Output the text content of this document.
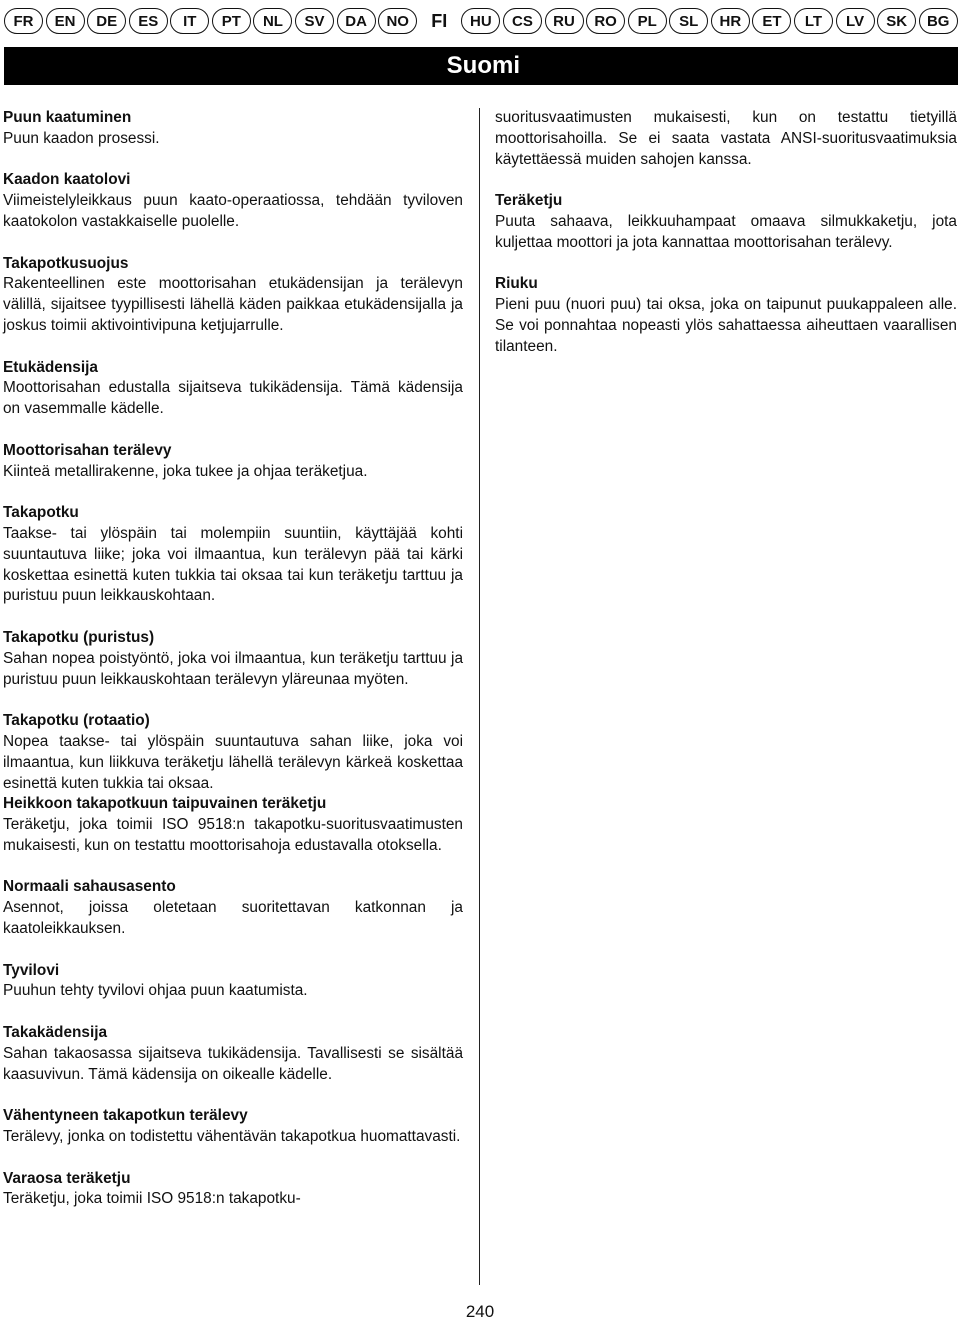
FR	EN	DE	ES	IT	PT	NL	SV	DA	NO	FI	HU	CS	RU	RO	PL	SL	HR	ET	LT	LV	SK	BG
Suomi
Puun kaatuminen
Puun kaadon prosessi.
Kaadon kaatolovi
Viimeistelyleikkaus puun kaato-operaatiossa, tehdään tyviloven kaatokolon vastakkaiselle puolelle.
Takapotkusuojus
Rakenteellinen este moottorisahan etukädensijan ja terälevyn välillä, sijaitsee tyypillisesti lähellä käden paikkaa etukädensijalla ja joskus toimii aktivointivipuna ketjujarrulle.
Etukädensija
Moottorisahan edustalla sijaitseva tukikädensija. Tämä kädensija on vasemmalle kädelle.
Moottorisahan terälevy
Kiinteä metallirakenne, joka tukee ja ohjaa teräketjua.
Takapotku
Taakse- tai ylöspäin tai molempiin suuntiin, käyttäjää kohti suuntautuva liike; joka voi ilmaantua, kun terälevyn pää tai kärki koskettaa esinettä kuten tukkia tai oksaa tai kun teräketju tarttuu ja puristuu puun leikkauskohtaan.
Takapotku (puristus)
Sahan nopea poistyöntö, joka voi ilmaantua, kun teräketju tarttuu ja puristuu puun leikkauskohtaan terälevyn yläreunaa myöten.
Takapotku (rotaatio)
Nopea taakse- tai ylöspäin suuntautuva sahan liike, joka voi ilmaantua, kun liikkuva teräketju lähellä terälevyn kärkeä koskettaa esinettä kuten tukkia tai oksaa.
Heikkoon takapotkuun taipuvainen teräketju
Teräketju, joka toimii ISO 9518:n takapotku-suoritusvaatimusten mukaisesti, kun on testattu moottorisahoja edustavalla otoksella.
Normaali sahausasento
Asennot, joissa oletetaan suoritettavan katkonnan ja kaatoleikkauksen.
Tyvilovi
Puuhun tehty tyvilovi ohjaa puun kaatumista.
Takakädensija
Sahan takaosassa sijaitseva tukikädensija. Tavallisesti se sisältää kaasuvivun. Tämä kädensija on oikealle kädelle.
Vähentyneen takapotkun terälevy
Terälevy, jonka on todistettu vähentävän takapotkua huomattavasti.
Varaosa teräketju
Teräketju, joka toimii ISO 9518:n takapotku-
suoritusvaatimusten mukaisesti, kun on testattu tietyillä moottorisahoilla. Se ei saata vastata ANSI-suoritusvaatimuksia käytettäessä muiden sahojen kanssa.
Teräketju
Puuta sahaava, leikkuuhampaat omaava silmukkaketju, jota kuljettaa moottori ja jota kannattaa moottorisahan terälevy.
Riuku
Pieni puu (nuori puu) tai oksa, joka on taipunut puukappaleen alle. Se voi ponnahtaa nopeasti ylös sahattaessa aiheuttaen vaarallisen tilanteen.
240
